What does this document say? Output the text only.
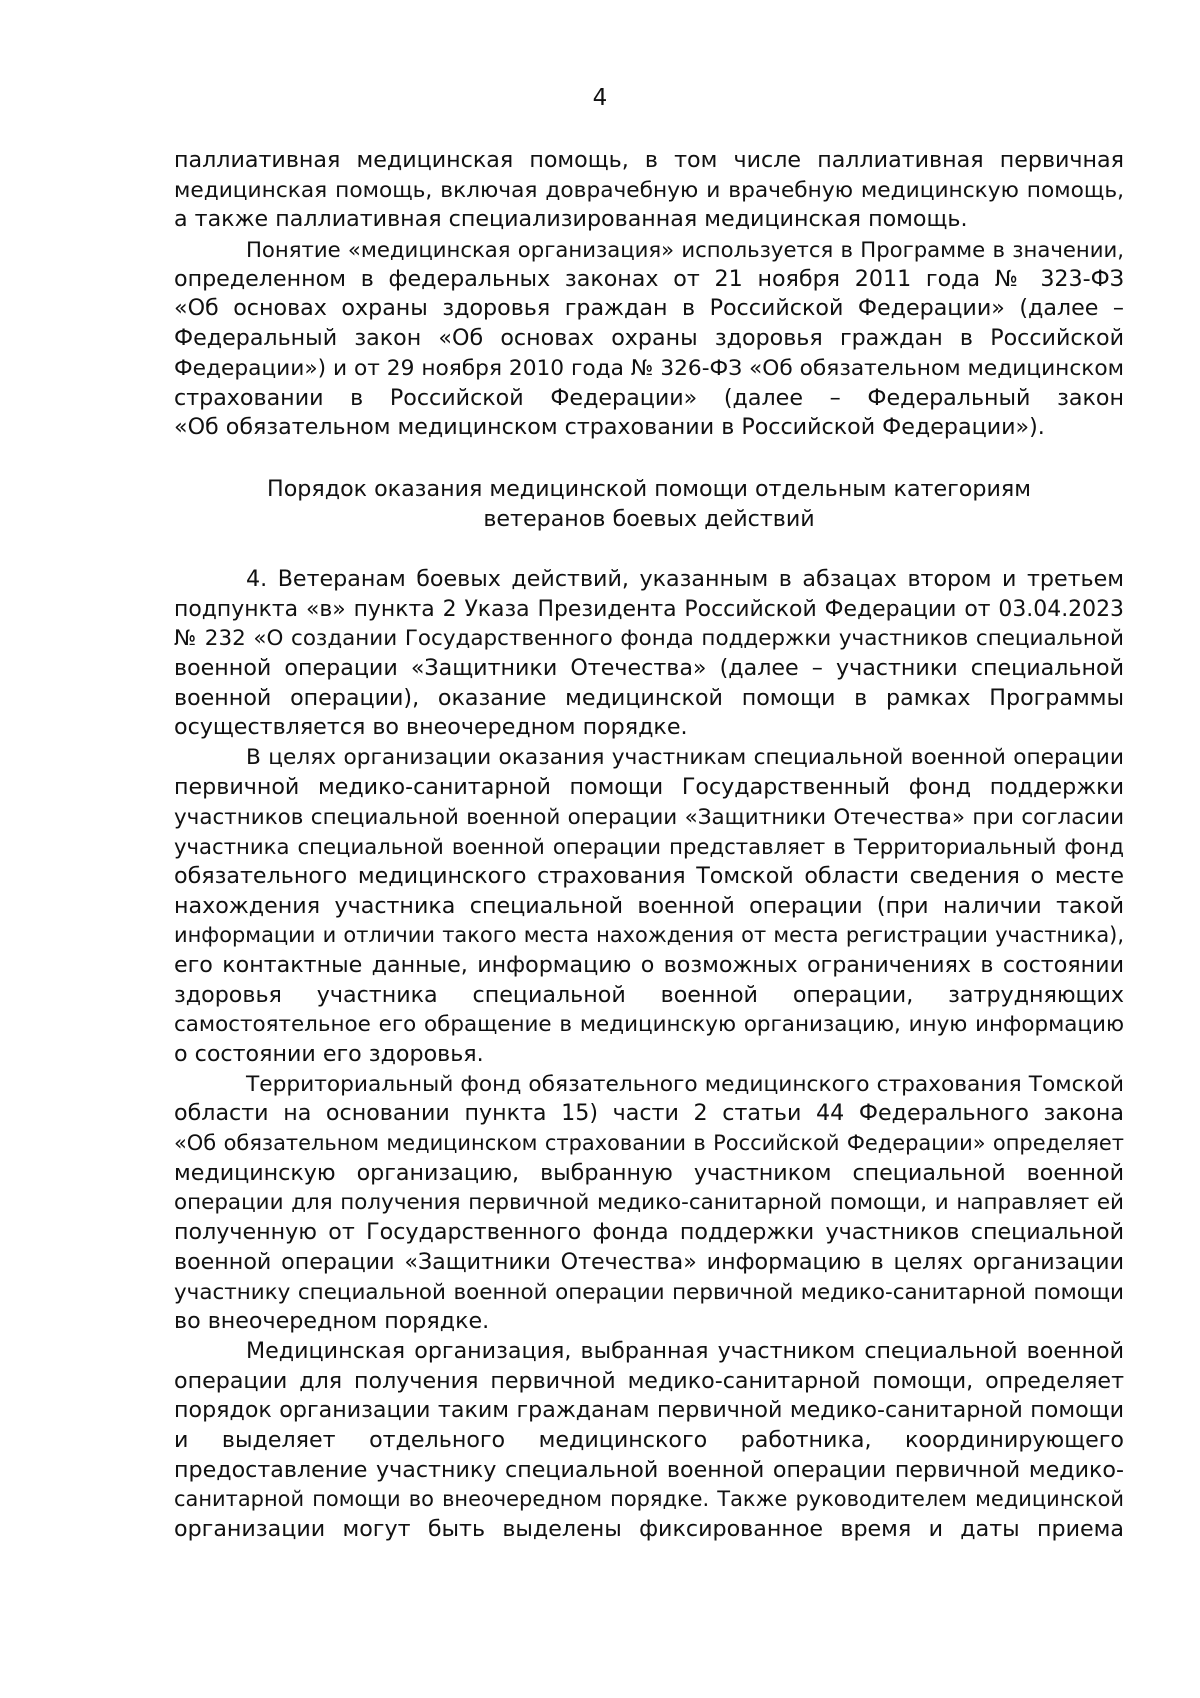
4
паллиативная медицинская помощь, в том числе паллиативная первичная
медицинская помощь, включая доврачебную и врачебную медицинскую помощь,
а также паллиативная специализированная медицинская помощь.
Понятие «медицинская организация» используется в Программе в значении,
определенном в федеральных законах от 21 ноября 2011 года № 323-ФЗ
«Об основах охраны здоровья граждан в Российской Федерации» (далее –
Федеральный закон «Об основах охраны здоровья граждан в Российской
Федерации») и от 29 ноября 2010 года № 326-ФЗ «Об обязательном медицинском
страховании в Российской Федерации» (далее – Федеральный закон
«Об обязательном медицинском страховании в Российской Федерации»).
Порядок оказания медицинской помощи отдельным категориям
ветеранов боевых действий
4. Ветеранам боевых действий, указанным в абзацах втором и третьем
подпункта «в» пункта 2 Указа Президента Российской Федерации от 03.04.2023
№ 232 «О создании Государственного фонда поддержки участников специальной
военной операции «Защитники Отечества» (далее – участники специальной
военной операции), оказание медицинской помощи в рамках Программы
осуществляется во внеочередном порядке.
В целях организации оказания участникам специальной военной операции
первичной медико-санитарной помощи Государственный фонд поддержки
участников специальной военной операции «Защитники Отечества» при согласии
участника специальной военной операции представляет в Территориальный фонд
обязательного медицинского страхования Томской области сведения о месте
нахождения участника специальной военной операции (при наличии такой
информации и отличии такого места нахождения от места регистрации участника),
его контактные данные, информацию о возможных ограничениях в состоянии
здоровья участника специальной военной операции, затрудняющих
самостоятельное его обращение в медицинскую организацию, иную информацию
о состоянии его здоровья.
Территориальный фонд обязательного медицинского страхования Томской
области на основании пункта 15) части 2 статьи 44 Федерального закона
«Об обязательном медицинском страховании в Российской Федерации» определяет
медицинскую организацию, выбранную участником специальной военной
операции для получения первичной медико-санитарной помощи, и направляет ей
полученную от Государственного фонда поддержки участников специальной
военной операции «Защитники Отечества» информацию в целях организации
участнику специальной военной операции первичной медико-санитарной помощи
во внеочередном порядке.
Медицинская организация, выбранная участником специальной военной
операции для получения первичной медико-санитарной помощи, определяет
порядок организации таким гражданам первичной медико-санитарной помощи
и выделяет отдельного медицинского работника, координирующего
предоставление участнику специальной военной операции первичной медико-
санитарной помощи во внеочередном порядке. Также руководителем медицинской
организации могут быть выделены фиксированное время и даты приема
